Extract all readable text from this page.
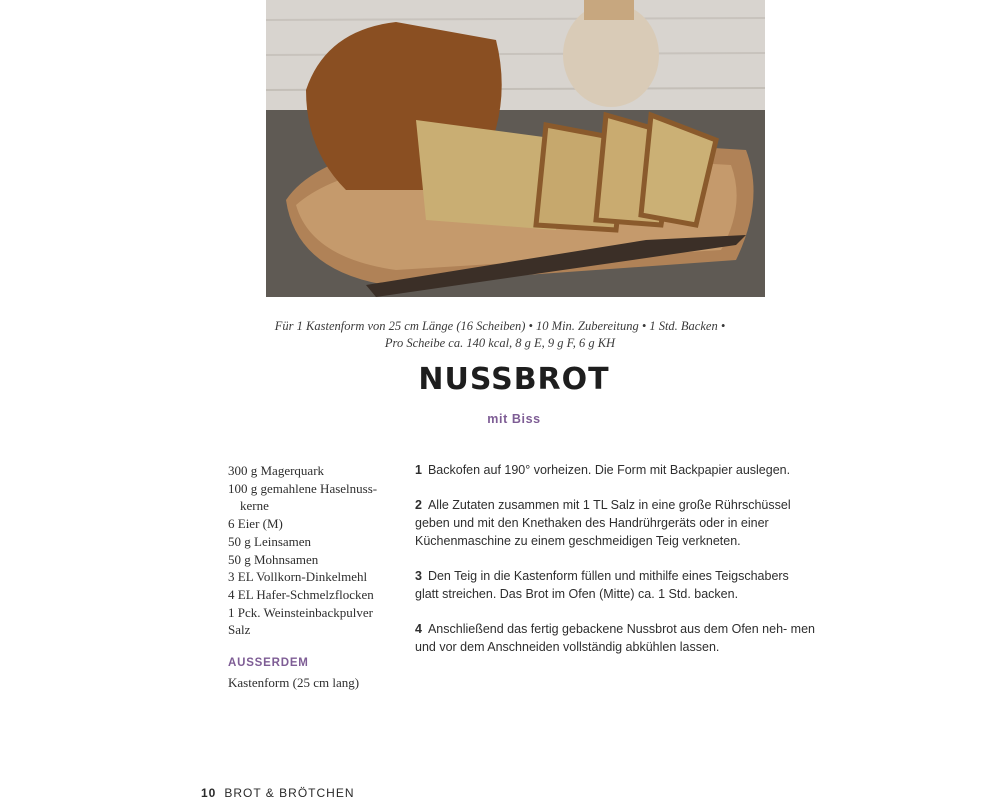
Für 1 Kastenform von 25 cm Länge (16 Scheiben) • 10 Min. Zubereitung • 1 Std. Backen •
Pro Scheibe ca. 140 kcal, 8 g E, 9 g F, 6 g KH
NUSSBROT
mit Biss
300 g Magerquark
100 g gemahlene Haselnuss-
kerne
6 Eier (M)
50 g Leinsamen
50 g Mohnsamen
3 EL Vollkorn-Dinkelmehl
4 EL Hafer-Schmelzflocken
1 Pck. Weinsteinbackpulver
Salz
AUSSERDEM
Kastenform (25 cm lang)
1 Backofen auf 190° vorheizen. Die Form mit Backpapier auslegen.
2 Alle Zutaten zusammen mit 1 TL Salz in eine große Rührschüssel geben und mit den Knethaken des Handrührgeräts oder in einer Küchenmaschine zu einem geschmeidigen Teig verkneten.
3 Den Teig in die Kastenform füllen und mithilfe eines Teigschabers glatt streichen. Das Brot im Ofen (Mitte) ca. 1 Std. backen.
4 Anschließend das fertig gebackene Nussbrot aus dem Ofen neh- men und vor dem Anschneiden vollständig abkühlen lassen.
10 BROT & BRÖTCHEN
